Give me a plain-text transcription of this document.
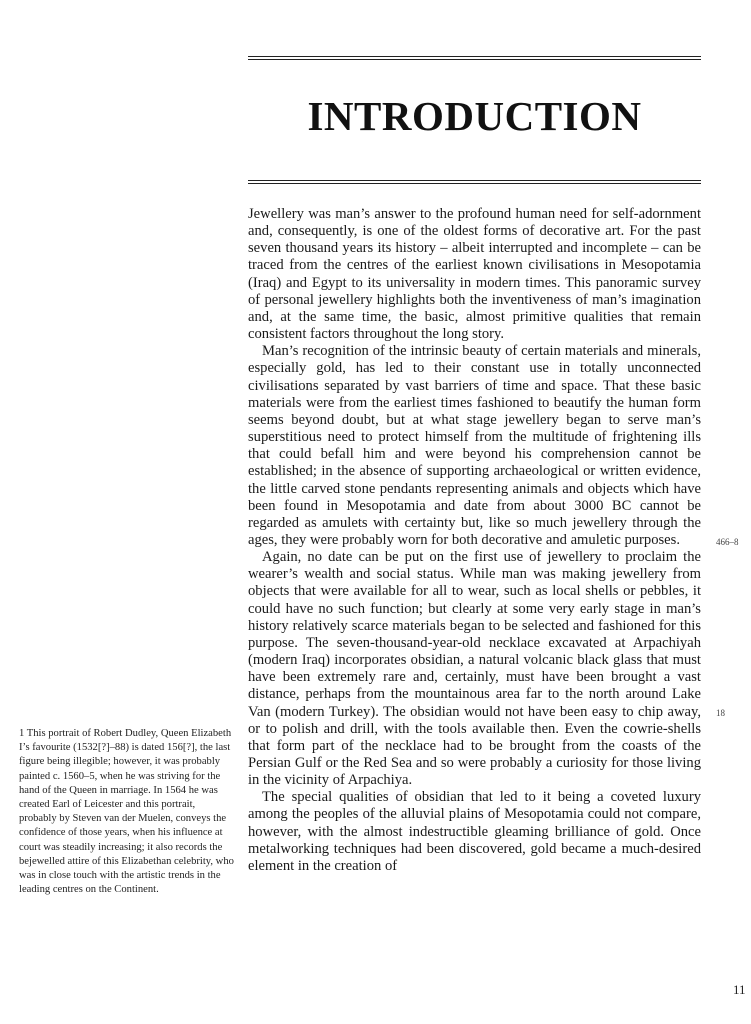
INTRODUCTION

Jewellery was man’s answer to the profound human need for self-adornment and, consequently, is one of the oldest forms of decorative art. For the past seven thousand years its history – albeit interrupted and incomplete – can be traced from the centres of the earliest known civilisations in Mesopotamia (Iraq) and Egypt to its universality in modern times. This panoramic survey of personal jewellery highlights both the inventiveness of man’s imagination and, at the same time, the basic, almost primitive qualities that remain consistent factors throughout the long story.

Man’s recognition of the intrinsic beauty of certain materials and minerals, especially gold, has led to their constant use in totally unconnected civilisations separated by vast barriers of time and space. That these basic materials were from the earliest times fashioned to beautify the human form seems beyond doubt, but at what stage jewellery began to serve man’s superstitious need to protect himself from the multitude of frightening ills that could befall him and were beyond his comprehension cannot be established; in the absence of supporting archaeological or written evidence, the little carved stone pendants representing animals and objects which have been found in Mesopotamia and date from about 3000 BC cannot be regarded as amulets with certainty but, like so much jewellery through the ages, they were probably worn for both decorative and amuletic purposes.

Again, no date can be put on the first use of jewellery to proclaim the wearer’s wealth and social status. While man was making jewellery from objects that were available for all to wear, such as local shells or pebbles, it could have no such function; but clearly at some very early stage in man’s history relatively scarce materials began to be selected and fashioned for this purpose. The seven-thousand-year-old necklace excavated at Arpachiyah (modern Iraq) incorporates obsidian, a natural volcanic black glass that must have been extremely rare and, certainly, must have been brought a vast distance, perhaps from the mountainous area far to the north around Lake Van (modern Turkey). The obsidian would not have been easy to chip away, or to polish and drill, with the tools available then. Even the cowrie-shells that form part of the necklace had to be brought from the coasts of the Persian Gulf or the Red Sea and so were probably a curiosity for those living in the vicinity of Arpachiya.

The special qualities of obsidian that led to it being a coveted luxury among the peoples of the alluvial plains of Mesopotamia could not compare, however, with the almost indestructible gleaming brilliance of gold. Once metalworking techniques had been discovered, gold became a much-desired element in the creation of

466–8
18

1 This portrait of Robert Dudley, Queen Elizabeth I’s favourite (1532[?]–88) is dated 156[?], the last figure being illegible; however, it was probably painted c. 1560–5, when he was striving for the hand of the Queen in marriage. In 1564 he was created Earl of Leicester and this portrait, probably by Steven van der Muelen, conveys the confidence of those years, when his influence at court was steadily increasing; it also records the bejewelled attire of this Elizabethan celebrity, who was in close touch with the artistic trends in the leading centres on the Continent.

11
